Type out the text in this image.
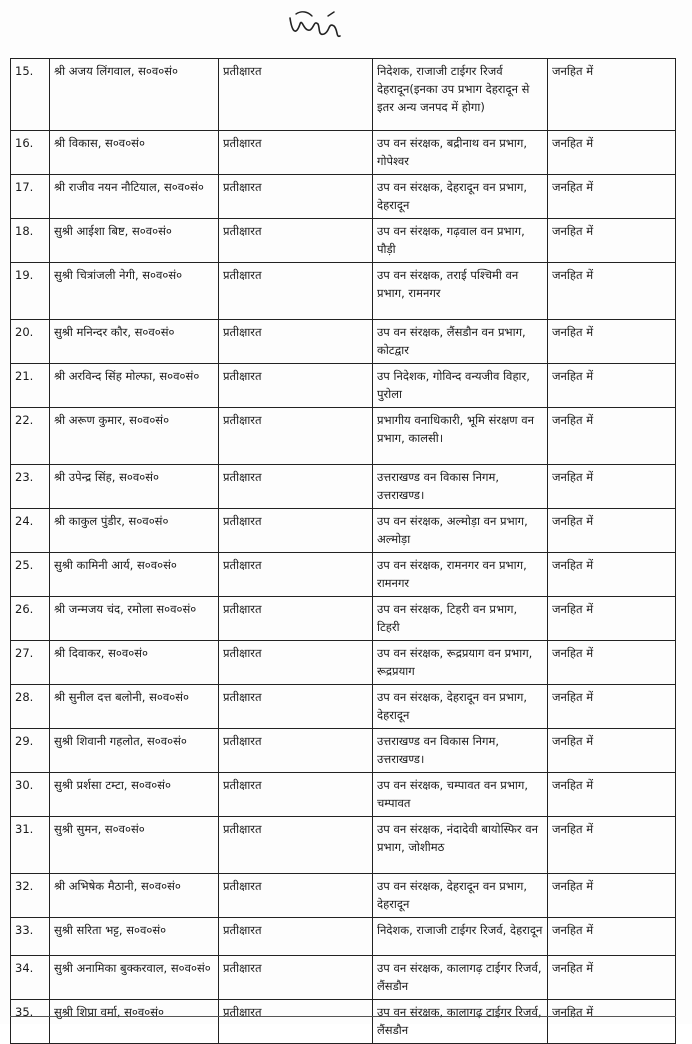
15.	श्री अजय लिंगवाल, स०व०सं०	प्रतीक्षारत	निदेशक, राजाजी टाईगर रिजर्व देहरादून(इनका उप प्रभाग देहरादून से इतर अन्य जनपद में होगा)	जनहित में
16.	श्री विकास, स०व०सं०	प्रतीक्षारत	उप वन संरक्षक, बद्रीनाथ वन प्रभाग, गोपेश्वर	जनहित में
17.	श्री राजीव नयन नौटियाल, स०व०सं०	प्रतीक्षारत	उप वन संरक्षक, देहरादून वन प्रभाग, देहरादून	जनहित में
18.	सुश्री आईशा बिष्ट, स०व०सं०	प्रतीक्षारत	उप वन संरक्षक, गढ़वाल वन प्रभाग, पौड़ी	जनहित में
19.	सुश्री चित्रांजली नेगी, स०व०सं०	प्रतीक्षारत	उप वन संरक्षक, तराई पश्चिमी वन प्रभाग, रामनगर	जनहित में
20.	सुश्री मनिन्दर कौर, स०व०सं०	प्रतीक्षारत	उप वन संरक्षक, लैंसडौन वन प्रभाग, कोटद्वार	जनहित में
21.	श्री अरविन्द सिंह मोल्फा, स०व०सं०	प्रतीक्षारत	उप निदेशक, गोविन्द वन्यजीव विहार, पुरोला	जनहित में
22.	श्री अरूण कुमार, स०व०सं०	प्रतीक्षारत	प्रभागीय वनाधिकारी, भूमि संरक्षण वन प्रभाग, कालसी।	जनहित में
23.	श्री उपेन्द्र सिंह, स०व०सं०	प्रतीक्षारत	उत्तराखण्ड वन विकास निगम, उत्तराखण्ड।	जनहित में
24.	श्री काकुल पुंडीर, स०व०सं०	प्रतीक्षारत	उप वन संरक्षक, अल्मोड़ा वन प्रभाग, अल्मोड़ा	जनहित में
25.	सुश्री कामिनी आर्य, स०व०सं०	प्रतीक्षारत	उप वन संरक्षक, रामनगर वन प्रभाग, रामनगर	जनहित में
26.	श्री जन्मजय चंद, रमोला स०व०सं०	प्रतीक्षारत	उप वन संरक्षक, टिहरी वन प्रभाग, टिहरी	जनहित में
27.	श्री दिवाकर, स०व०सं०	प्रतीक्षारत	उप वन संरक्षक, रूद्रप्रयाग वन प्रभाग, रूद्रप्रयाग	जनहित में
28.	श्री सुनील दत्त बलोनी, स०व०सं०	प्रतीक्षारत	उप वन संरक्षक, देहरादून वन प्रभाग, देहरादून	जनहित में
29.	सुश्री शिवानी गहलोत, स०व०सं०	प्रतीक्षारत	उत्तराखण्ड वन विकास निगम, उत्तराखण्ड।	जनहित में
30.	सुश्री प्रर्शसा टम्टा, स०व०सं०	प्रतीक्षारत	उप वन संरक्षक, चम्पावत वन प्रभाग, चम्पावत	जनहित में
31.	सुश्री सुमन, स०व०सं०	प्रतीक्षारत	उप वन संरक्षक, नंदादेवी बायोस्फिर वन प्रभाग, जोशीमठ	जनहित में
32.	श्री अभिषेक मैठानी, स०व०सं०	प्रतीक्षारत	उप वन संरक्षक, देहरादून वन प्रभाग, देहरादून	जनहित में
33.	सुश्री सरिता भट्ट, स०व०सं०	प्रतीक्षारत	निदेशक, राजाजी टाईगर रिजर्व, देहरादून	जनहित में
34.	सुश्री अनामिका बुक्करवाल, स०व०सं०	प्रतीक्षारत	उप वन संरक्षक, कालागढ़ टाईगर रिजर्व, लैंसडौन	जनहित में
35.	सुश्री शिप्रा वर्मा, स०व०सं०	प्रतीक्षारत	उप वन संरक्षक, कालागढ़ टाईगर रिजर्व, लैंसडौन	जनहित में
